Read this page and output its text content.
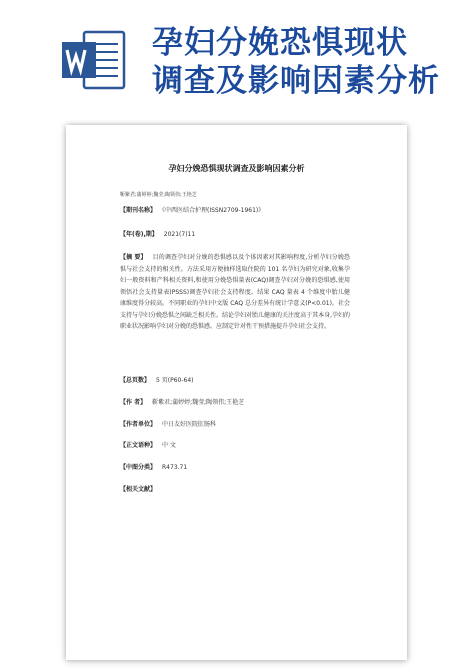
孕妇分娩恐惧现状
调查及影响因素分析
孕妇分娩恐惧现状调查及影响因素分析
靳紫君;蒲婷婷;魏莹;陶领伟;王艳芝
【期刊名称】 《中西医结合护理(ISSN2709-1961)》
【年(卷),期】 2021(7)11
【摘 要】 目的调查孕妇对分娩的恐惧感以及个体因素对其影响程度,分析孕妇分娩恐惧与社会支持的相关性。方法采用方便抽样选取住院的 101 名孕妇为研究对象,收集孕妇一般资料和产科相关资料,和使用分娩恐惧量表(CAQ)调查孕妇对分娩的恐惧感,使用领悟社会支持量表(PSSS)调查孕妇社会支持程度。结果 CAQ 量表 4 个维度中胎儿健康维度得分较高。不同职业的孕妇中文版 CAQ 总分差异有统计学意义(P<0.01)。社会支持与孕妇分娩恐惧之间缺乏相关性。结论孕妇对胎儿健康的关注度高于其本身,孕妇的职业状况影响孕妇对分娩的恐惧感。应制定针对性干预措施提升孕妇社会支持。
【总页数】 5 页(P60-64)
【作 者】 靳紫君;蒲婷婷;魏莹;陶领伟;王艳芝
【作者单位】 中日友好医院肛肠科
【正文语种】 中 文
【中图分类】 R473.71
【相关文献】
